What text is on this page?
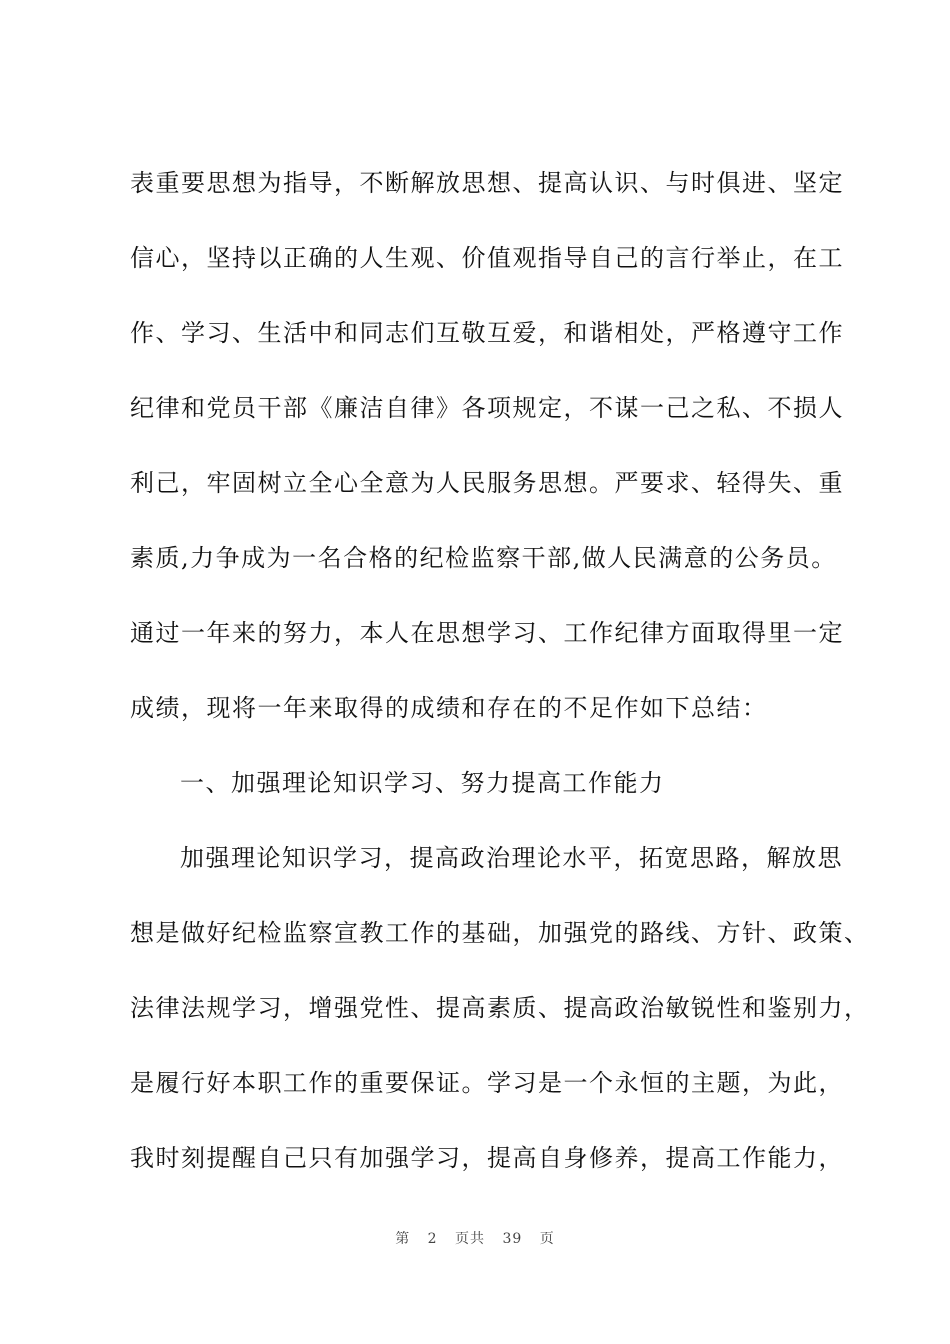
表重要思想为指导，不断解放思想、提高认识、与时俱进、坚定
信心，坚持以正确的人生观、价值观指导自己的言行举止，在工
作、学习、生活中和同志们互敬互爱，和谐相处，严格遵守工作
纪律和党员干部《廉洁自律》各项规定，不谋一己之私、不损人
利己，牢固树立全心全意为人民服务思想。严要求、轻得失、重
素质,力争成为一名合格的纪检监察干部,做人民满意的公务员。
通过一年来的努力，本人在思想学习、工作纪律方面取得里一定
成绩，现将一年来取得的成绩和存在的不足作如下总结：
一、加强理论知识学习、努力提高工作能力
加强理论知识学习，提高政治理论水平，拓宽思路，解放思
想是做好纪检监察宣教工作的基础，加强党的路线、方针、政策、
法律法规学习，增强党性、提高素质、提高政治敏锐性和鉴别力，
是履行好本职工作的重要保证。学习是一个永恒的主题，为此，
我时刻提醒自己只有加强学习，提高自身修养，提高工作能力，
第 2 页共 39 页
